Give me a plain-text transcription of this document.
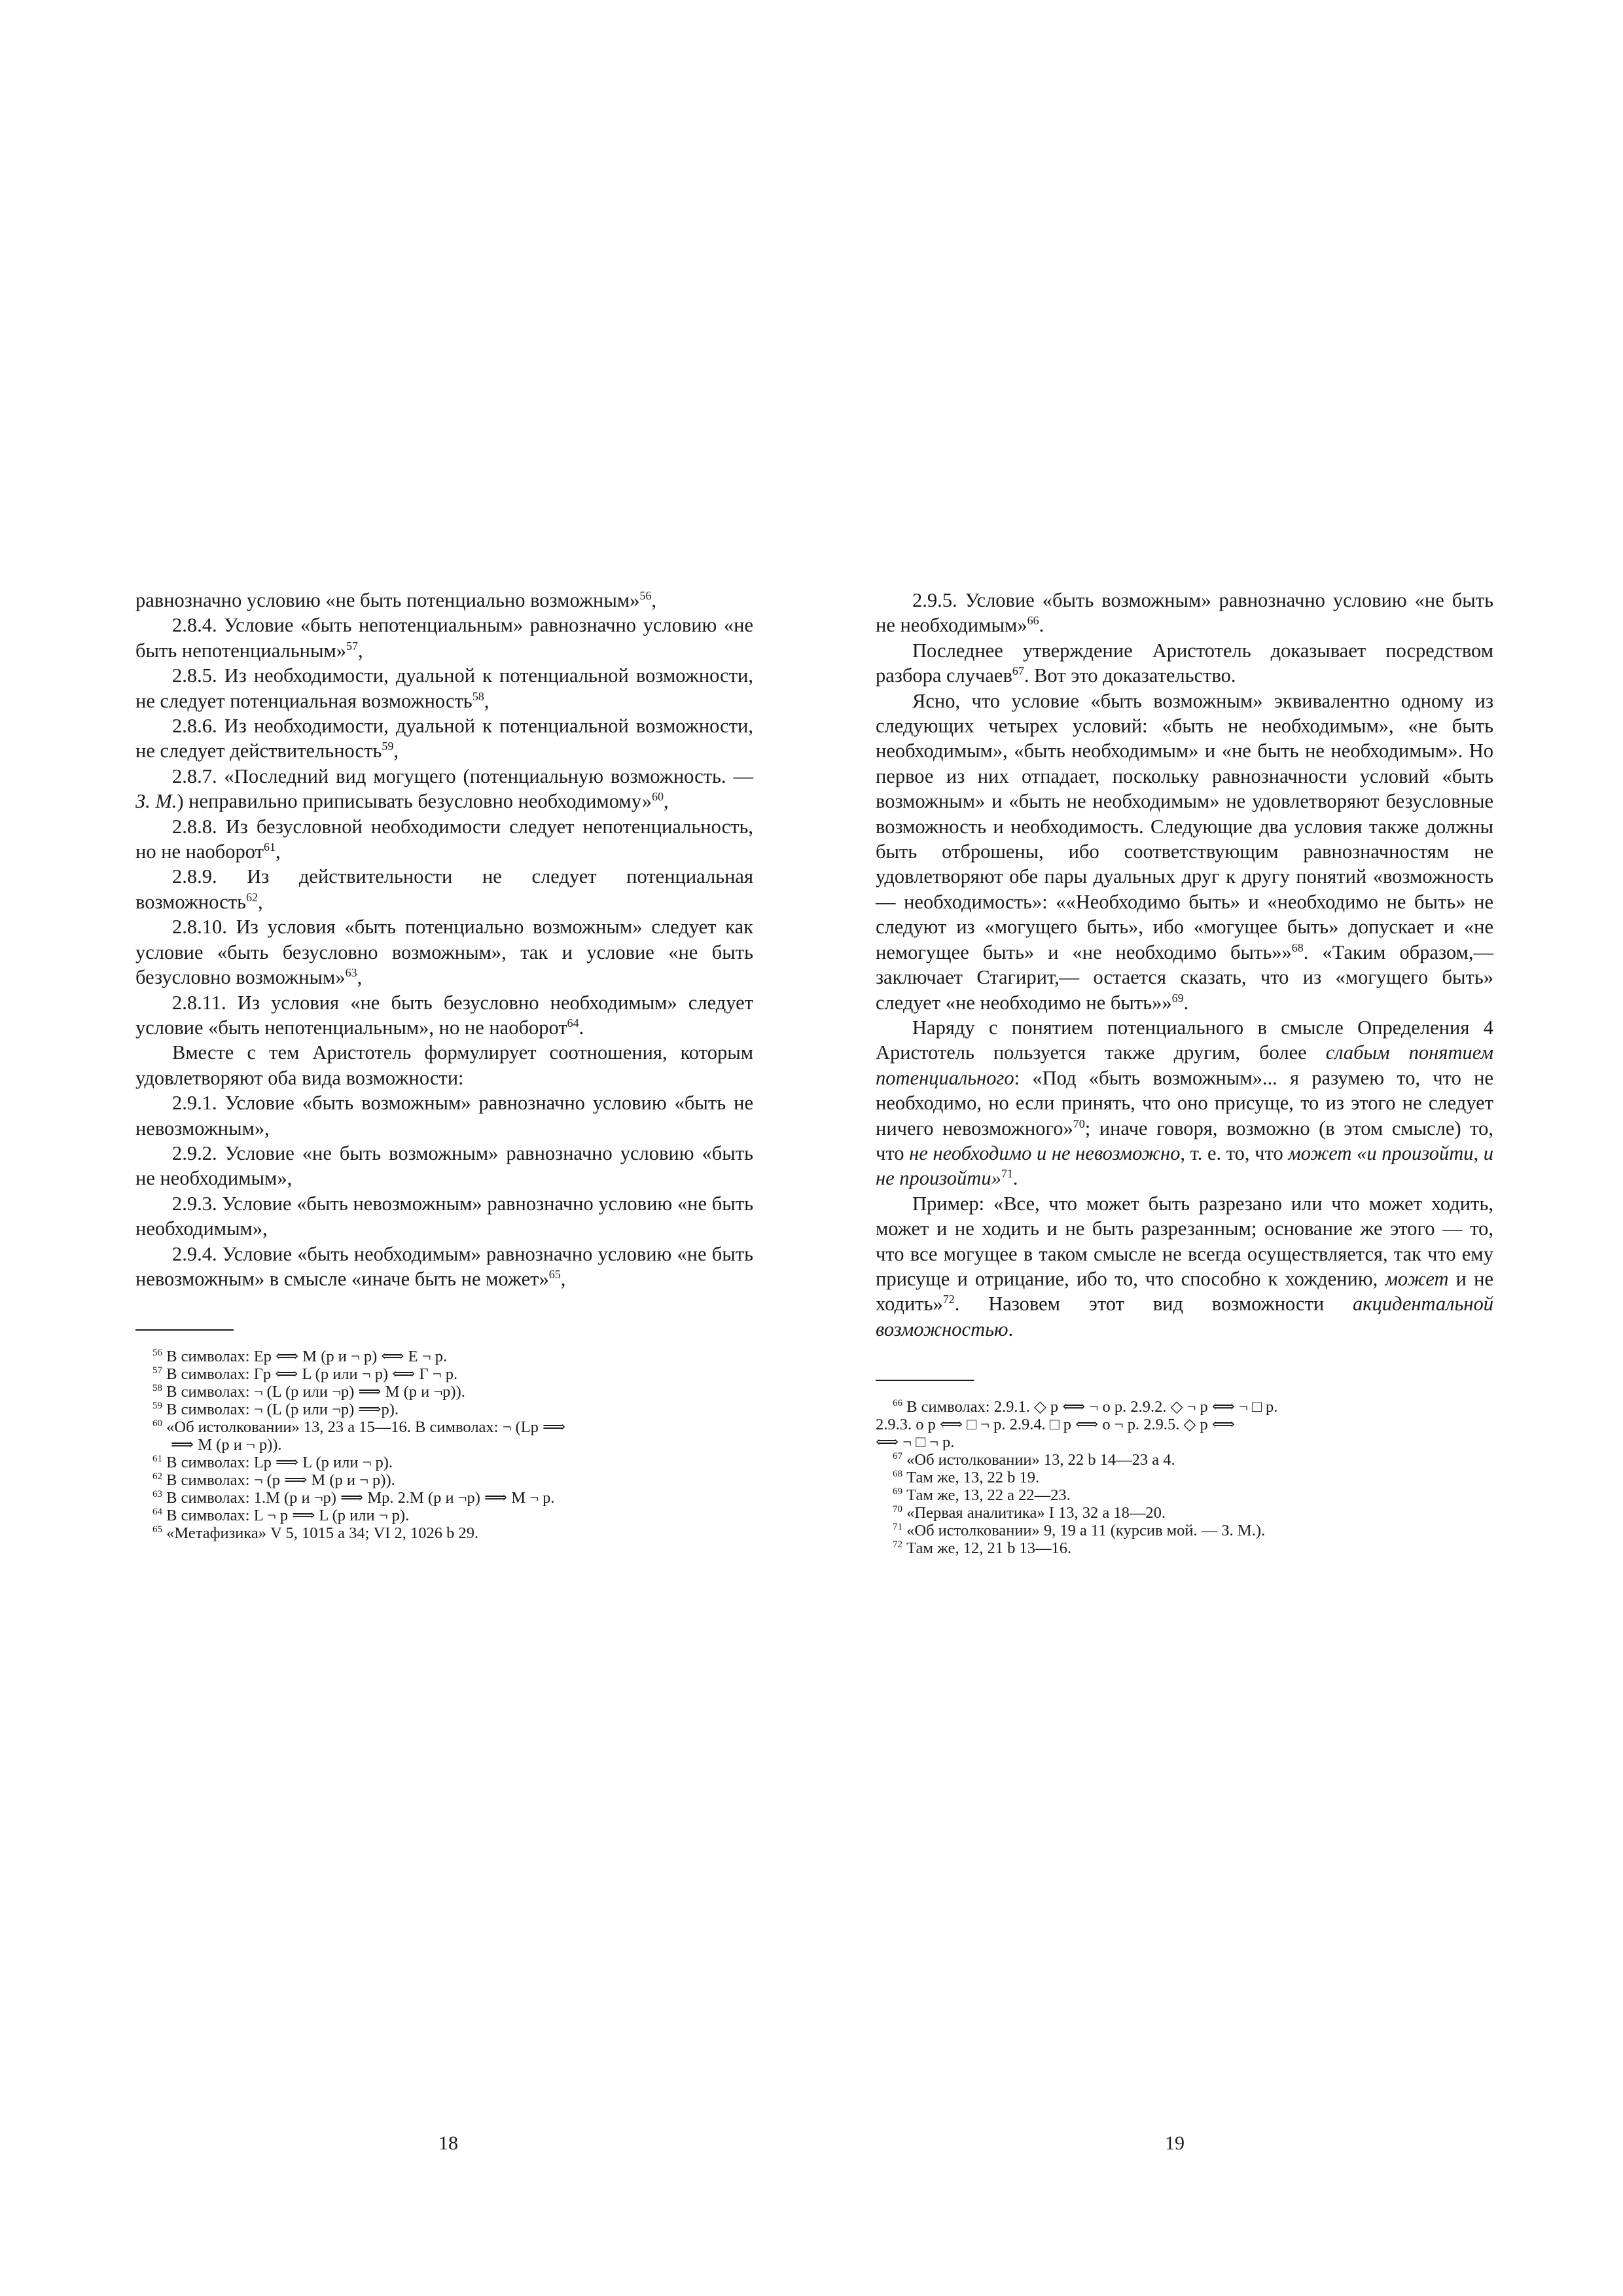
равнозначно условию «не быть потенциально возможным»$^{56}$,

2.8.4. Условие «быть непотенциальным» равнозначно условию «не быть непотенциальным»$^{57}$,

2.8.5. Из необходимости, дуальной к потенциальной возможности, не следует потенциальная возможность$^{58}$,

2.8.6. Из необходимости, дуальной к потенциальной возможности, не следует действительность$^{59}$,

2.8.7. «Последний вид могущего (потенциальную возможность. — З. М.) неправильно приписывать безусловно необходимому»$^{60}$,

2.8.8. Из безусловной необходимости следует непотенциальность, но не наоборот$^{61}$,

2.8.9. Из действительности не следует потенциальная возможность$^{62}$,

2.8.10. Из условия «быть потенциально возможным» следует как условие «быть безусловно возможным», так и условие «не быть безусловно возможным»$^{63}$,

2.8.11. Из условия «не быть безусловно необходимым» следует условие «быть непотенциальным», но не наоборот$^{64}$.

Вместе с тем Аристотель формулирует соотношения, которым удовлетворяют оба вида возможности:

2.9.1. Условие «быть возможным» равнозначно условию «быть не невозможным»,

2.9.2. Условие «не быть возможным» равнозначно условию «быть не необходимым»,

2.9.3. Условие «быть невозможным» равнозначно условию «не быть необходимым»,

2.9.4. Условие «быть необходимым» равнозначно условию «не быть невозможным» в смысле «иначе быть не может»$^{65}$,

$^{56}$ В символах: Ep ⟺ M (p и ¬ p) ⟺ E ¬ p.
$^{57}$ В символах: Гp ⟺ L (p или ¬ p) ⟺ Г ¬ p.
$^{58}$ В символах: ¬ (L (p или ¬p) ⟹ M (p и ¬p)).
$^{59}$ В символах: ¬ (L (p или ¬p) ⟹p).
$^{60}$ «Об истолковании» 13, 23 а 15—16. В символах: ¬ (Lp ⟹
⟹ M (p и ¬ p)).
$^{61}$ В символах: Lp ⟹ L (p или ¬ p).
$^{62}$ В символах: ¬ (p ⟹ M (p и ¬ p)).
$^{63}$ В символах: 1.M (p и ¬p) ⟹ Mp. 2.M (p и ¬p) ⟹ M ¬ p.
$^{64}$ В символах: L ¬ p ⟹ L (p или ¬ p).
$^{65}$ «Метафизика» V 5, 1015 а 34; VI 2, 1026 b 29.

2.9.5. Условие «быть возможным» равнозначно условию «не быть не необходимым»$^{66}$.

Последнее утверждение Аристотель доказывает посредством разбора случаев$^{67}$. Вот это доказательство.

Ясно, что условие «быть возможным» эквивалентно одному из следующих четырех условий: «быть не необходимым», «не быть необходимым», «быть необходимым» и «не быть не необходимым». Но первое из них отпадает, поскольку равнозначности условий «быть возможным» и «быть не необходимым» не удовлетворяют безусловные возможность и необходимость. Следующие два условия также должны быть отброшены, ибо соответствующим равнозначностям не удовлетворяют обе пары дуальных друг к другу понятий «возможность — необходимость»: ««Необходимо быть» и «необходимо не быть» не следуют из «могущего быть», ибо «могущее быть» допускает и «не немогущее быть» и «не необходимо быть»»$^{68}$. «Таким образом,— заключает Стагирит,— остается сказать, что из «могущего быть» следует «не необходимо не быть»»$^{69}$.

Наряду с понятием потенциального в смысле Определения 4 Аристотель пользуется также другим, более слабым понятием потенциального: «Под «быть возможным»... я разумею то, что не необходимо, но если принять, что оно присуще, то из этого не следует ничего невозможного»$^{70}$; иначе говоря, возможно (в этом смысле) то, что не необходимо и не невозможно, т. е. то, что может «и произойти, и не произойти»$^{71}$.

Пример: «Все, что может быть разрезано или что может ходить, может и не ходить и не быть разрезанным; основание же этого — то, что все могущее в таком смысле не всегда осуществляется, так что ему присуще и отрицание, ибо то, что способно к хождению, может и не ходить»$^{72}$. Назовем этот вид возможности акцидентальной возможностью.

$^{66}$ В символах: 2.9.1. ◇ p ⟺ ¬ o p. 2.9.2. ◇ ¬ p ⟺ ¬ □ p.
2.9.3. o p ⟺ □ ¬ p. 2.9.4. □ p ⟺ o ¬ p. 2.9.5. ◇ p ⟺
⟺ ¬ □ ¬ p.
$^{67}$ «Об истолковании» 13, 22 b 14—23 а 4.
$^{68}$ Там же, 13, 22 b 19.
$^{69}$ Там же, 13, 22 а 22—23.
$^{70}$ «Первая аналитика» I 13, 32 а 18—20.
$^{71}$ «Об истолковании» 9, 19 а 11 (курсив мой. — З. М.).
$^{72}$ Там же, 12, 21 b 13—16.
18	19
